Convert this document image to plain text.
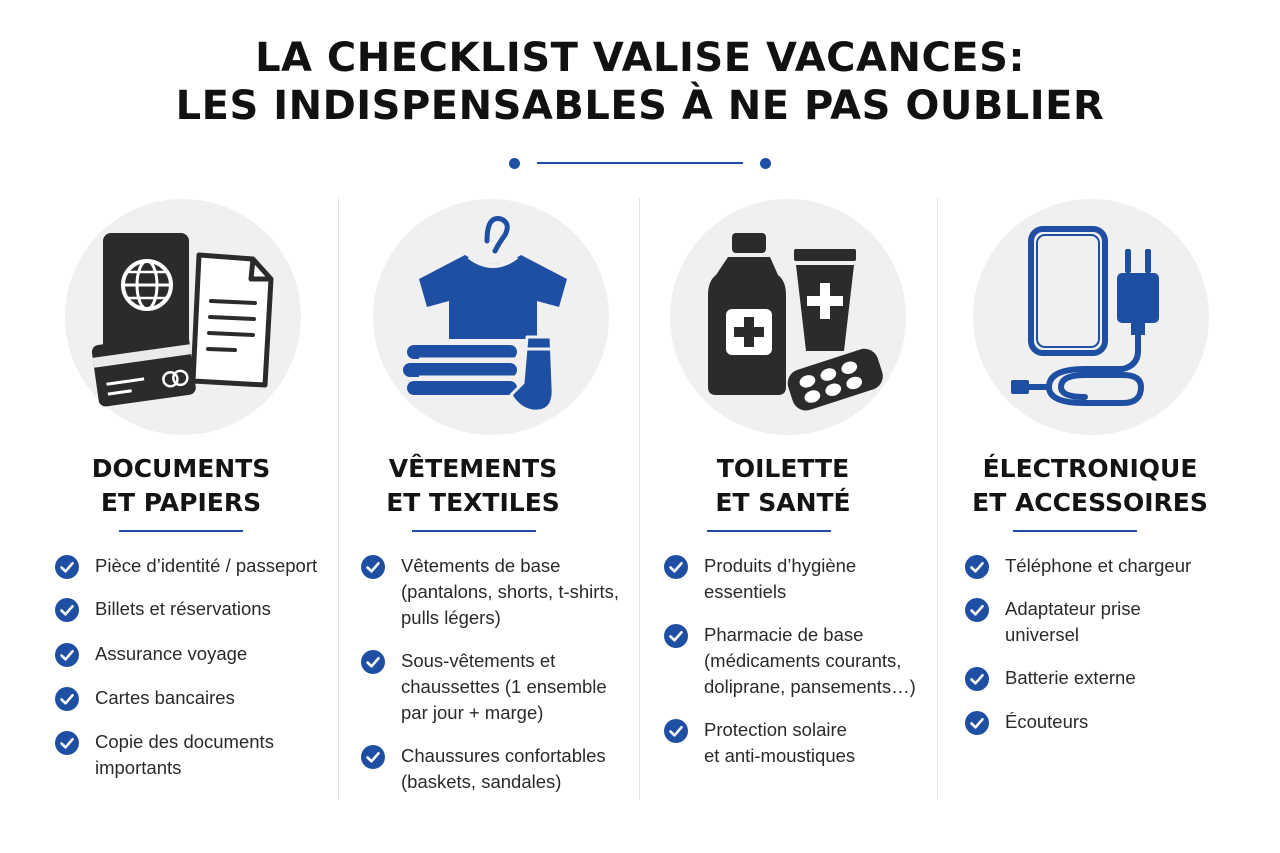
LA CHECKLIST VALISE VACANCES:
LES INDISPENSABLES À NE PAS OUBLIER
DOCUMENTS
ET PAPIERS
Pièce d’identité / passeport
Billets et réservations
Assurance voyage
Cartes bancaires
Copie des documents
importants
VÊTEMENTS
ET TEXTILES
Vêtements de base
(pantalons, shorts, t-shirts,
pulls légers)
Sous-vêtements et
chaussettes (1 ensemble
par jour + marge)
Chaussures confortables
(baskets, sandales)
TOILETTE
ET SANTÉ
Produits d’hygiène
essentiels
Pharmacie de base
(médicaments courants,
doliprane, pansements…)
Protection solaire
et anti-moustiques
ÉLECTRONIQUE
ET ACCESSOIRES
Téléphone et chargeur
Adaptateur prise
universel
Batterie externe
Écouteurs
